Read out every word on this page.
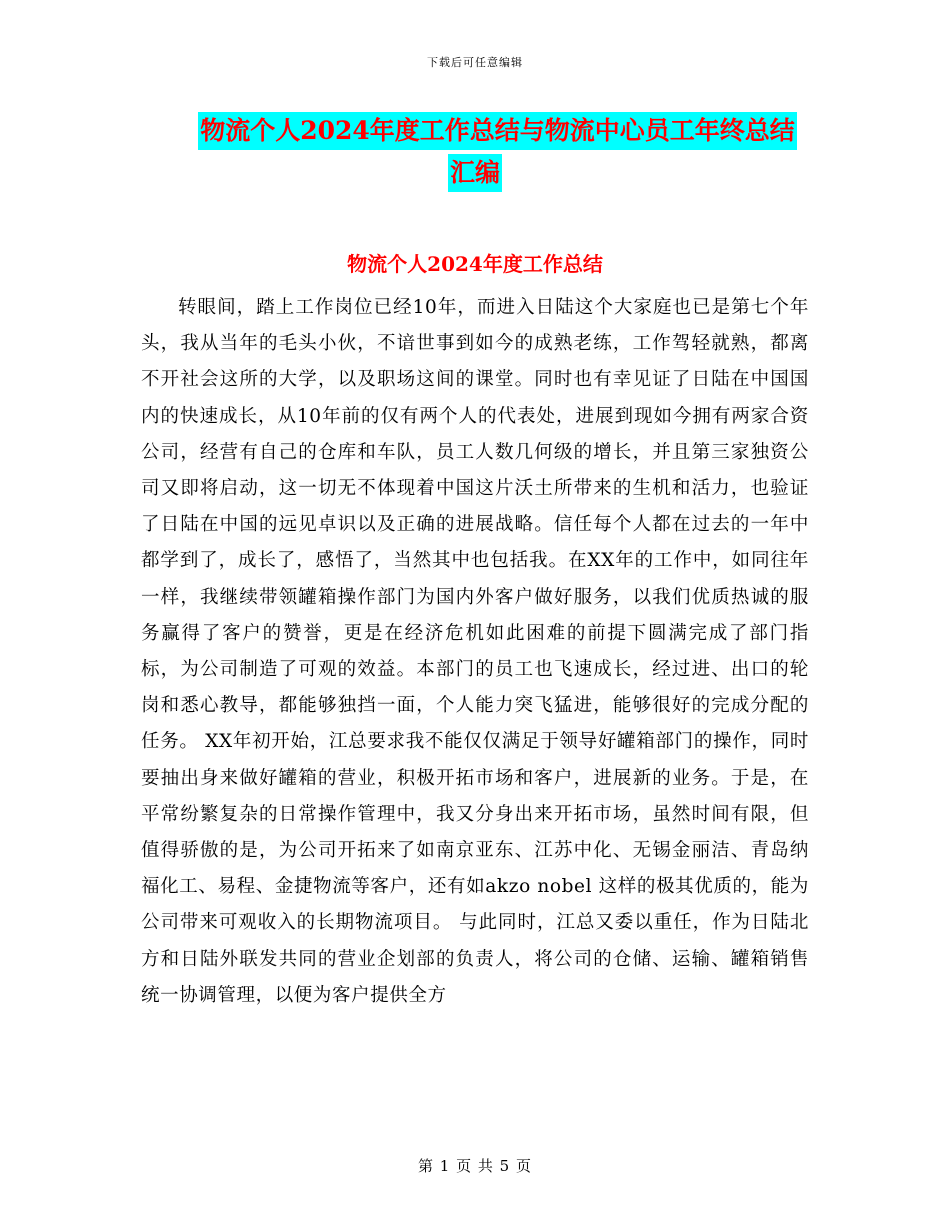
下载后可任意编辑
物流个人2024年度工作总结与物流中心员工年终总结
汇编
物流个人2024年度工作总结

转眼间，踏上工作岗位已经10年，而进入日陆这个大家庭也已是第七个年头，我从当年的毛头小伙，不谙世事到如今的成熟老练，工作驾轻就熟，都离不开社会这所的大学，以及职场这间的课堂。同时也有幸见证了日陆在中国国内的快速成长，从10年前的仅有两个人的代表处，进展到现如今拥有两家合资公司，经营有自己的仓库和车队，员工人数几何级的增长，并且第三家独资公司又即将启动，这一切无不体现着中国这片沃土所带来的生机和活力，也验证了日陆在中国的远见卓识以及正确的进展战略。信任每个人都在过去的一年中都学到了，成长了，感悟了，当然其中也包括我。在XX年的工作中，如同往年一样，我继续带领罐箱操作部门为国内外客户做好服务，以我们优质热诚的服务赢得了客户的赞誉，更是在经济危机如此困难的前提下圆满完成了部门指标，为公司制造了可观的效益。本部门的员工也飞速成长，经过进、出口的轮岗和悉心教导，都能够独挡一面，个人能力突飞猛进，能够很好的完成分配的任务。 XX年初开始，江总要求我不能仅仅满足于领导好罐箱部门的操作，同时要抽出身来做好罐箱的营业，积极开拓市场和客户，进展新的业务。于是，在平常纷繁复杂的日常操作管理中，我又分身出来开拓市场，虽然时间有限，但值得骄傲的是，为公司开拓来了如南京亚东、江苏中化、无锡金丽洁、青岛纳福化工、易程、金捷物流等客户，还有如akzo nobel 这样的极其优质的，能为公司带来可观收入的长期物流项目。 与此同时，江总又委以重任，作为日陆北方和日陆外联发共同的营业企划部的负责人，将公司的仓储、运输、罐箱销售统一协调管理，以便为客户提供全方

第 1 页 共 5 页
